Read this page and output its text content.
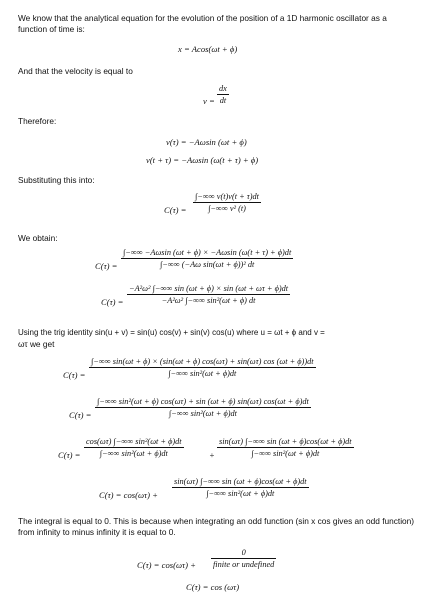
We know that the analytical equation for the evolution of the position of a 1D harmonic oscillator as a function of time is:
x = Acos(ωt + ϕ)
And that the velocity is equal to
v =
dx
dt
Therefore:
v(τ) = −Aωsin (ωt + ϕ)
v(t + τ) = −Aωsin (ω(t + τ) + ϕ)
Substituting this into:
C(τ) =
∫−∞∞ v(t)v(t + τ)dt
∫−∞∞ v² (t)
We obtain:
C(τ) =
∫−∞∞ −Aωsin (ωt + ϕ) × −Aωsin (ω(t + τ) + ϕ)dt
∫−∞∞ (−Aω sin(ωt + ϕ))² dt
C(τ) =
−A²ω² ∫−∞∞ sin (ωt + ϕ) × sin (ωt + ωτ + ϕ)dt
−A²ω² ∫−∞∞ sin²(ωt + ϕ) dt
Using the trig identity sin(u + v) = sin(u) cos(v) + sin(v) cos(u) where u = ωt + ϕ and v =
ωτ we get
C(τ) =
∫−∞∞ sin(ωt + ϕ) × (sin(ωt + ϕ) cos(ωτ) + sin(ωτ) cos (ωt + ϕ))dt
∫−∞∞ sin²(ωt + ϕ)dt
C(τ) =
∫−∞∞ sin²(ωt + ϕ) cos(ωτ) + sin (ωt + ϕ) sin(ωτ) cos(ωt + ϕ)dt
∫−∞∞ sin²(ωt + ϕ)dt
C(τ) =
cos(ωτ) ∫−∞∞ sin²(ωt + ϕ)dt
∫−∞∞ sin²(ωt + ϕ)dt	+
sin(ωτ) ∫−∞∞ sin (ωt + ϕ)cos(ωt + ϕ)dt
∫−∞∞ sin²(ωt + ϕ)dt
C(τ) = cos(ωτ) +
sin(ωτ) ∫−∞∞ sin (ωt + ϕ)cos(ωt + ϕ)dt
∫−∞∞ sin²(ωt + ϕ)dt
The integral is equal to 0. This is because when integrating an odd function (sin x cos gives an odd function) from infinity to minus infinity it is equal to 0.
C(τ) = cos(ωτ) +
0
finite or undefined
C(τ) = cos (ωτ)
